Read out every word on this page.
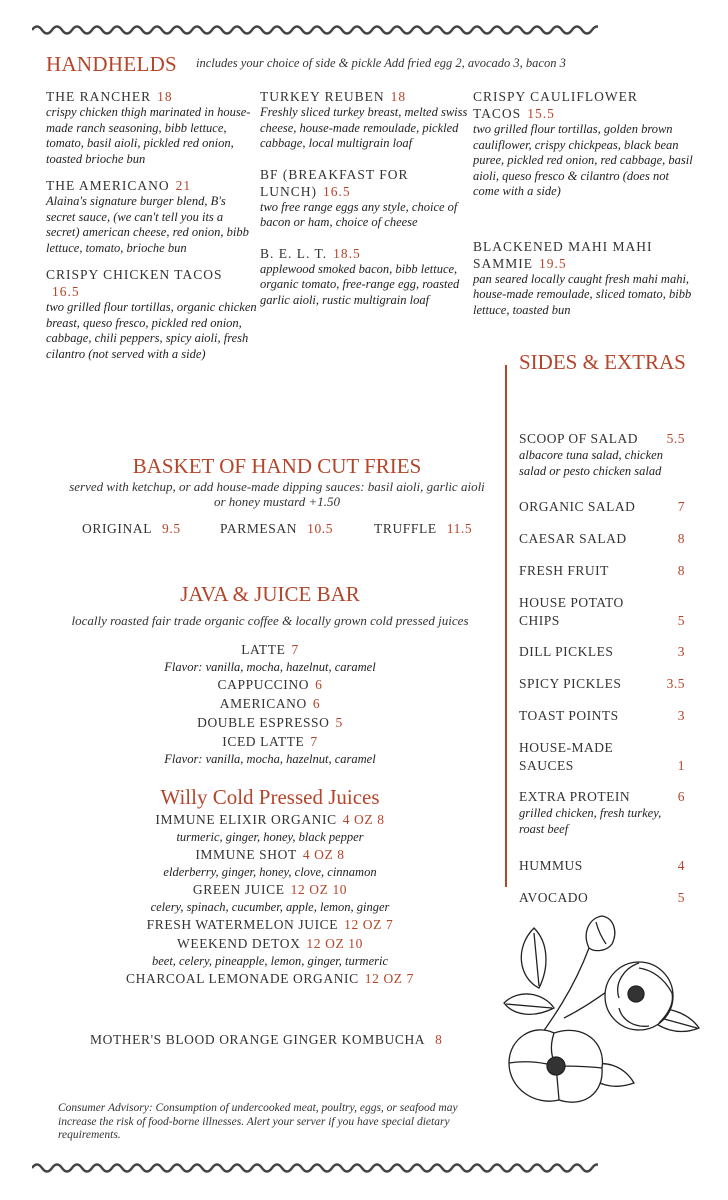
HANDHELDS includes your choice of side & pickle Add fried egg 2, avocado 3, bacon 3
THE RANCHER 18
crispy chicken thigh marinated in house-made ranch seasoning, bibb lettuce, tomato, basil aioli, pickled red onion, toasted brioche bun
THE AMERICANO 21
Alaina's signature burger blend, B's secret sauce, (we can't tell you its a secret) american cheese, red onion, bibb lettuce, tomato, brioche bun
CRISPY CHICKEN TACOS
16.5
two grilled flour tortillas, organic chicken breast, queso fresco, pickled red onion, cabbage, chili peppers, spicy aioli, fresh cilantro (not served with a side)
TURKEY REUBEN 18
Freshly sliced turkey breast, melted swiss cheese, house-made remoulade, pickled cabbage, local multigrain loaf
BF (BREAKFAST FOR LUNCH) 16.5
two free range eggs any style, choice of bacon or ham, choice of cheese
B. E. L. T. 18.5
applewood smoked bacon, bibb lettuce, organic tomato, free-range egg, roasted garlic aioli, rustic multigrain loaf
CRISPY CAULIFLOWER TACOS 15.5
two grilled flour tortillas, golden brown cauliflower, crispy chickpeas, black bean puree, pickled red onion, red cabbage, basil aioli, queso fresco & cilantro (does not come with a side)
BLACKENED MAHI MAHI SAMMIE 19.5
pan seared locally caught fresh mahi mahi, house-made remoulade, sliced tomato, bibb lettuce, toasted bun
SIDES & EXTRAS
SCOOP OF SALAD 5.5
albacore tuna salad, chicken salad or pesto chicken salad
ORGANIC SALAD	7
CAESAR SALAD	8
FRESH FRUIT	8
HOUSE POTATO CHIPS	5
DILL PICKLES	3
SPICY PICKLES	3.5
TOAST POINTS	3
HOUSE-MADE SAUCES	1
EXTRA PROTEIN	6
grilled chicken, fresh turkey, roast beef
HUMMUS	4
AVOCADO	5
BASKET OF HAND CUT FRIES
served with ketchup, or add house-made dipping sauces: basil aioli, garlic aioli or honey mustard +1.50
ORIGINAL 9.5	PARMESAN 10.5	TRUFFLE 11.5
JAVA & JUICE BAR
locally roasted fair trade organic coffee & locally grown cold pressed juices
LATTE 7
Flavor: vanilla, mocha, hazelnut, caramel
CAPPUCCINO 6
AMERICANO 6
DOUBLE ESPRESSO 5
ICED LATTE 7
Flavor: vanilla, mocha, hazelnut, caramel
Willy Cold Pressed Juices
IMMUNE ELIXIR ORGANIC 4 OZ 8
turmeric, ginger, honey, black pepper
IMMUNE SHOT 4 OZ 8
elderberry, ginger, honey, clove, cinnamon
GREEN JUICE 12 OZ 10
celery, spinach, cucumber, apple, lemon, ginger
FRESH WATERMELON JUICE 12 OZ 7
WEEKEND DETOX 12 OZ 10
beet, celery, pineapple, lemon, ginger, turmeric
CHARCOAL LEMONADE ORGANIC 12 OZ 7
MOTHER'S BLOOD ORANGE GINGER KOMBUCHA 8
Consumer Advisory: Consumption of undercooked meat, poultry, eggs, or seafood may increase the risk of food-borne illnesses. Alert your server if you have special dietary requirements.
